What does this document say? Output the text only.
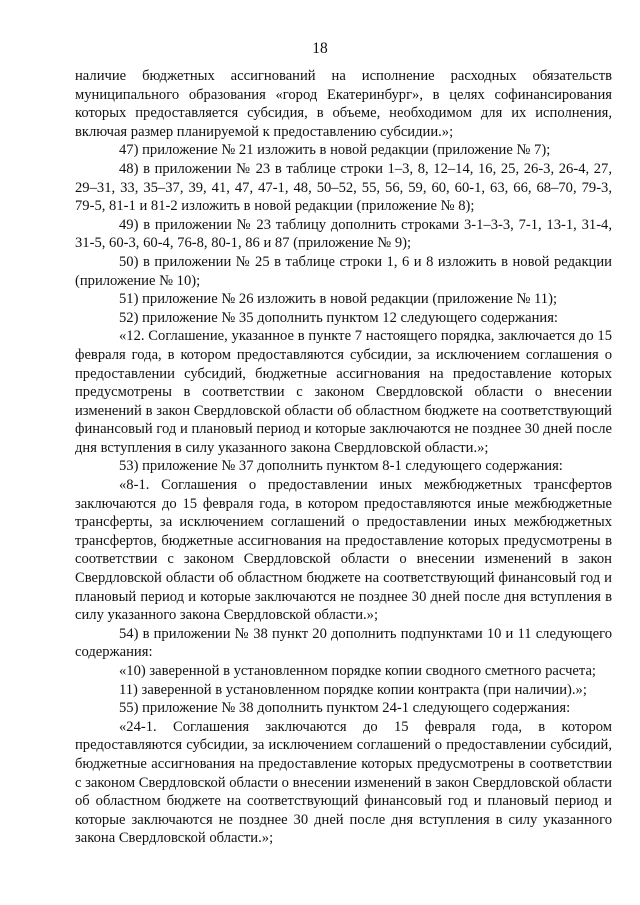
18

наличие бюджетных ассигнований на исполнение расходных обязательств муниципального образования «город Екатеринбург», в целях софинансирования которых предоставляется субсидия, в объеме, необходимом для их исполнения, включая размер планируемой к предоставлению субсидии.»;

47) приложение № 21 изложить в новой редакции (приложение № 7);

48) в приложении № 23 в таблице строки 1–3, 8, 12–14, 16, 25, 26-3, 26-4, 27, 29–31, 33, 35–37, 39, 41, 47, 47-1, 48, 50–52, 55, 56, 59, 60, 60-1, 63, 66, 68–70, 79-3, 79-5, 81-1 и 81-2 изложить в новой редакции (приложение № 8);

49) в приложении № 23 таблицу дополнить строками 3-1–3-3, 7-1, 13-1, 31-4, 31-5, 60-3, 60-4, 76-8, 80-1, 86 и 87 (приложение № 9);

50) в приложении № 25 в таблице строки 1, 6 и 8 изложить в новой редакции (приложение № 10);

51) приложение № 26 изложить в новой редакции (приложение № 11);

52) приложение № 35 дополнить пунктом 12 следующего содержания:

«12. Соглашение, указанное в пункте 7 настоящего порядка, заключается до 15 февраля года, в котором предоставляются субсидии, за исключением соглашения о предоставлении субсидий, бюджетные ассигнования на предоставление которых предусмотрены в соответствии с законом Свердловской области о внесении изменений в закон Свердловской области об областном бюджете на соответствующий финансовый год и плановый период и которые заключаются не позднее 30 дней после дня вступления в силу указанного закона Свердловской области.»;

53) приложение № 37 дополнить пунктом 8-1 следующего содержания:

«8-1. Соглашения о предоставлении иных межбюджетных трансфертов заключаются до 15 февраля года, в котором предоставляются иные межбюджетные трансферты, за исключением соглашений о предоставлении иных межбюджетных трансфертов, бюджетные ассигнования на предоставление которых предусмотрены в соответствии с законом Свердловской области о внесении изменений в закон Свердловской области об областном бюджете на соответствующий финансовый год и плановый период и которые заключаются не позднее 30 дней после дня вступления в силу указанного закона Свердловской области.»;

54) в приложении № 38 пункт 20 дополнить подпунктами 10 и 11 следующего содержания:

«10) заверенной в установленном порядке копии сводного сметного расчета;

11) заверенной в установленном порядке копии контракта (при наличии).»;

55) приложение № 38 дополнить пунктом 24-1 следующего содержания:

«24-1. Соглашения заключаются до 15 февраля года, в котором предоставляются субсидии, за исключением соглашений о предоставлении субсидий, бюджетные ассигнования на предоставление которых предусмотрены в соответствии с законом Свердловской области о внесении изменений в закон Свердловской области об областном бюджете на соответствующий финансовый год и плановый период и которые заключаются не позднее 30 дней после дня вступления в силу указанного закона Свердловской области.»;
